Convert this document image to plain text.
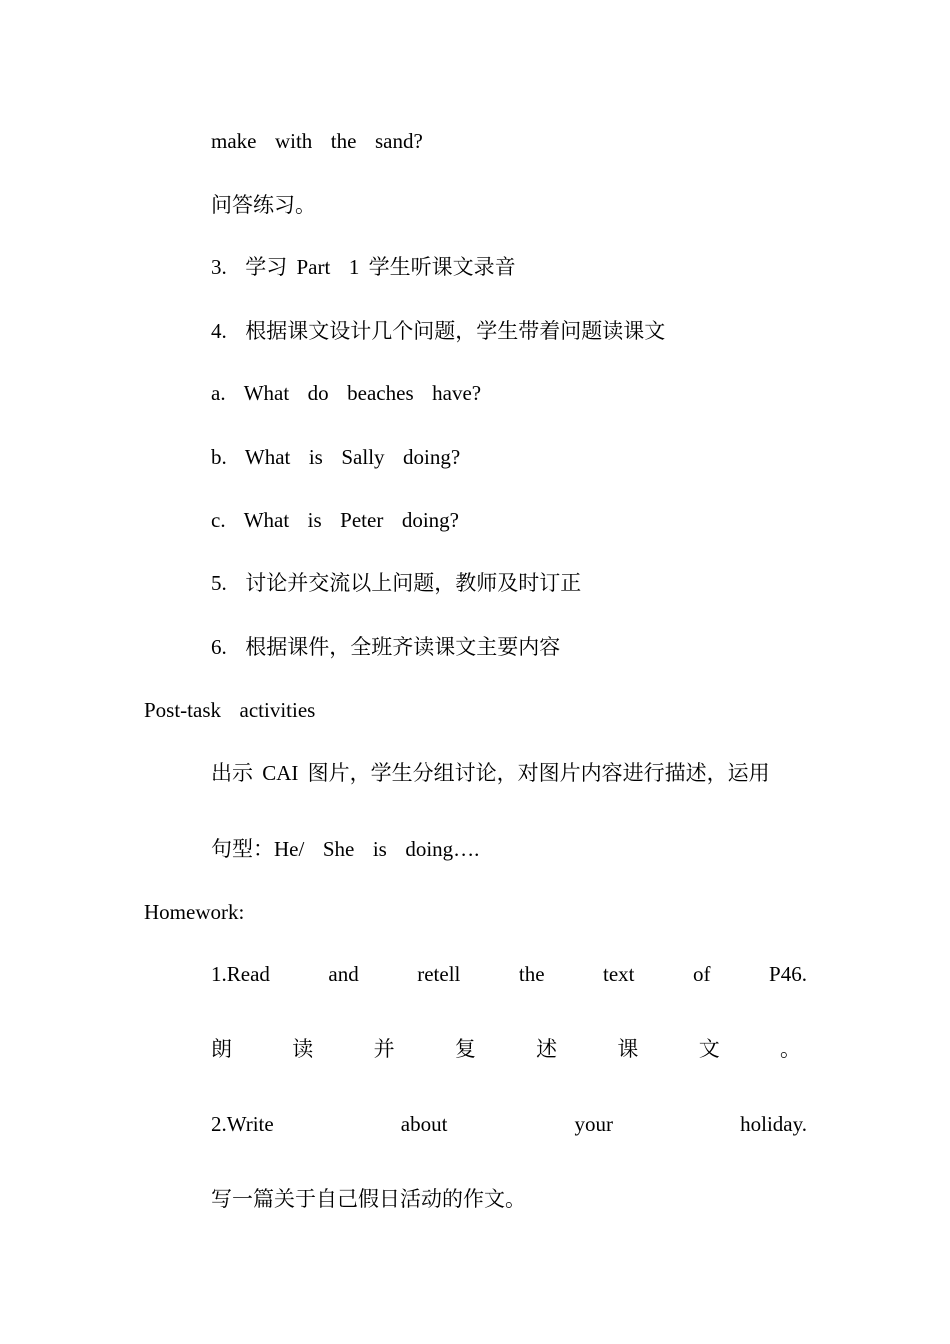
make  with  the  sand?
问答练习。
3.  学习 Part  1 学生听课文录音
4.  根据课文设计几个问题，学生带着问题读课文
a.  What  do  beaches  have?
b.  What  is  Sally  doing?
c.  What  is  Peter  doing?
5.  讨论并交流以上问题，教师及时订正
6.  根据课件，全班齐读课文主要内容
Post-task  activities
出示 CAI 图片，学生分组讨论，对图片内容进行描述，运用
句型：He/  She  is  doing….
Homework:
1.Read	and	retell	the	text	of	P46.
朗	读	并	复	述	课	文	。
2.Write	about	your	holiday.
写一篇关于自己假日活动的作文。
